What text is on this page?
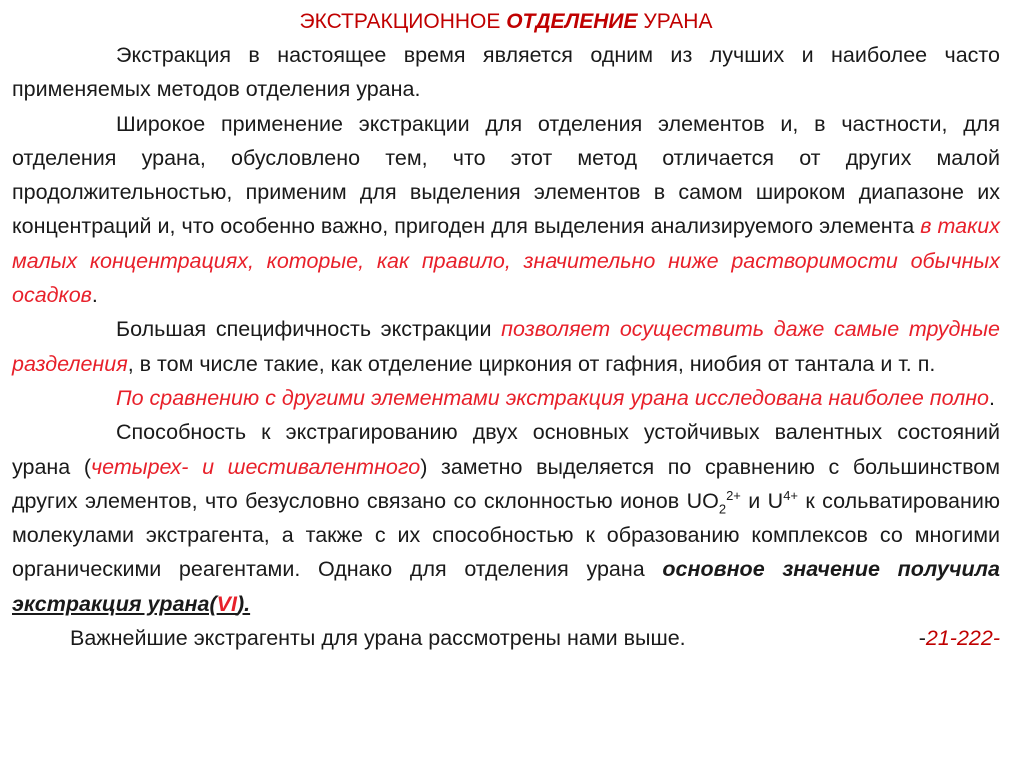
ЭКСТРАКЦИОННОЕ ОТДЕЛЕНИЕ УРАНА

Экстракция в настоящее время является одним из лучших и наиболее часто применяемых методов отделения урана.

Широкое применение экстракции для отделения элементов и, в частности, для отделения урана, обусловлено тем, что этот метод отличается от других малой продолжительностью, применим для выделения элементов в самом широком диапазоне их концентраций и, что особенно важно, пригоден для выделения анализируемого элемента в таких малых концентрациях, которые, как правило, значительно ниже растворимости обычных осадков.

Большая специфичность экстракции позволяет осуществить даже самые трудные разделения, в том числе такие, как отделение циркония от гафния, ниобия от тантала и т. п.

По сравнению с другими элементами экстракция урана исследована наиболее полно.

Способность к экстрагированию двух основных устойчивых валентных состояний урана (четырех- и шестивалентного) заметно выделяется по сравнению с большинством других элементов, что безусловно связано со склонностью ионов $UO_2^{2+}$ и $U^{4+}$ к сольватированию молекулами экстрагента, а также с их способностью к образованию комплексов со многими органическими реагентами. Однако для отделения урана основное значение получила экстракция урана(VI).

Важнейшие экстрагенты для урана рассмотрены нами выше.	-21-222-
